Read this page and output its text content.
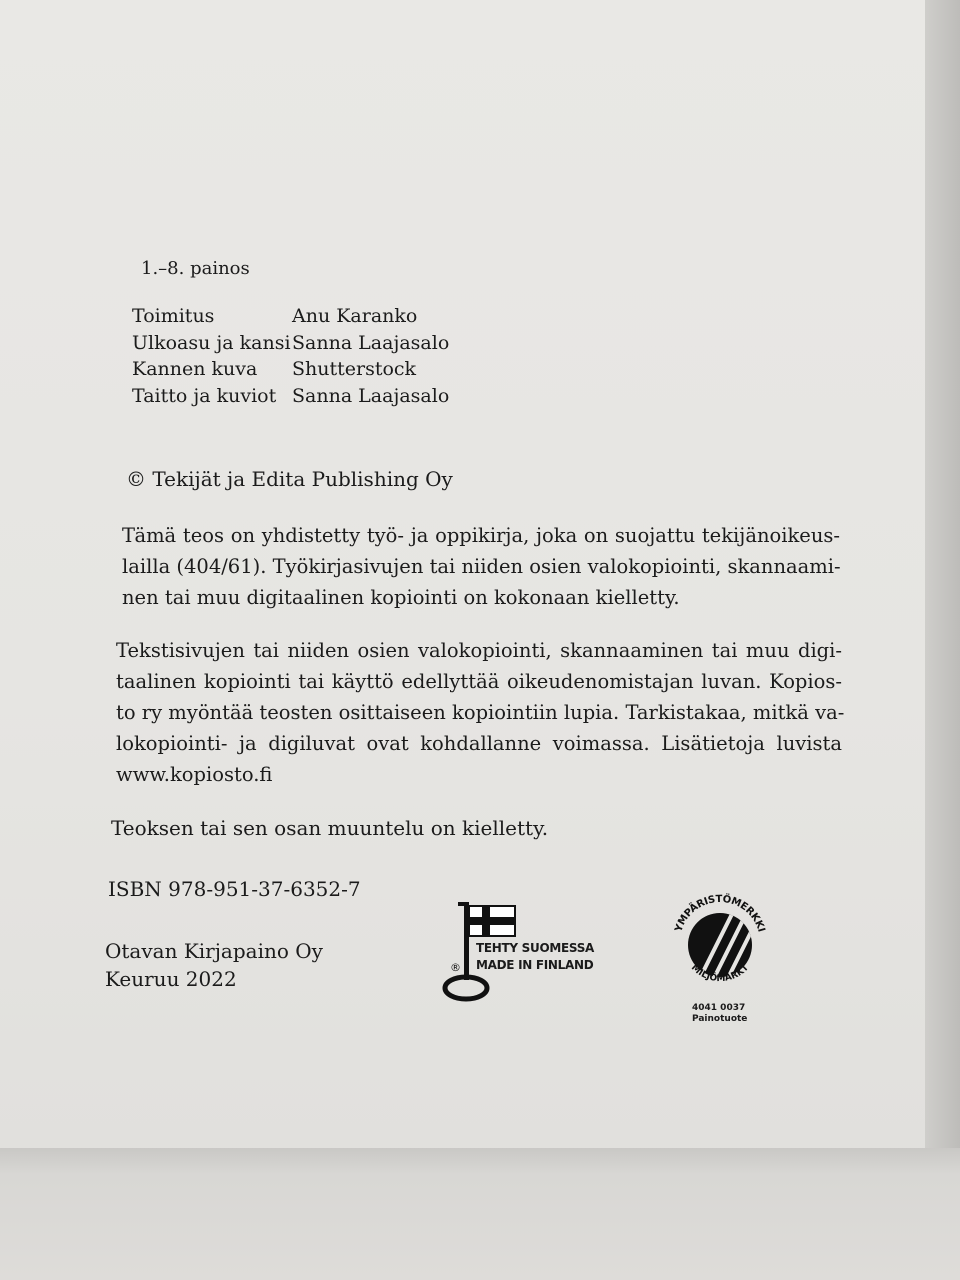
1.–8. painos
Toimitus	Anu Karanko
Ulkoasu ja kansi Sanna Laajasalo
Kannen kuva Shutterstock
Taitto ja kuviot Sanna Laajasalo
© Tekijät ja Edita Publishing Oy
Tämä teos on yhdistetty työ- ja oppikirja, joka on suojattu tekijänoikeus-
lailla (404/61). Työkirjasivujen tai niiden osien valokopiointi, skannaami-
nen tai muu digitaalinen kopiointi on kokonaan kielletty.
Tekstisivujen tai niiden osien valokopiointi, skannaaminen tai muu digi-
taalinen kopiointi tai käyttö edellyttää oikeudenomistajan luvan. Kopios-
to ry myöntää teosten osittaiseen kopiointiin lupia. Tarkistakaa, mitkä va-
lokopiointi- ja digiluvat ovat kohdallanne voimassa. Lisätietoja luvista
www.kopiosto.fi
Teoksen tai sen osan muuntelu on kielletty.
ISBN 978-951-37-6352-7
Otavan Kirjapaino Oy
Keuruu 2022	®
TEHTY SUOMESSA
MADE IN FINLAND
YMPÄRISTÖMERKKI
MILJÖMÄRKT
4041 0037
Painotuote
